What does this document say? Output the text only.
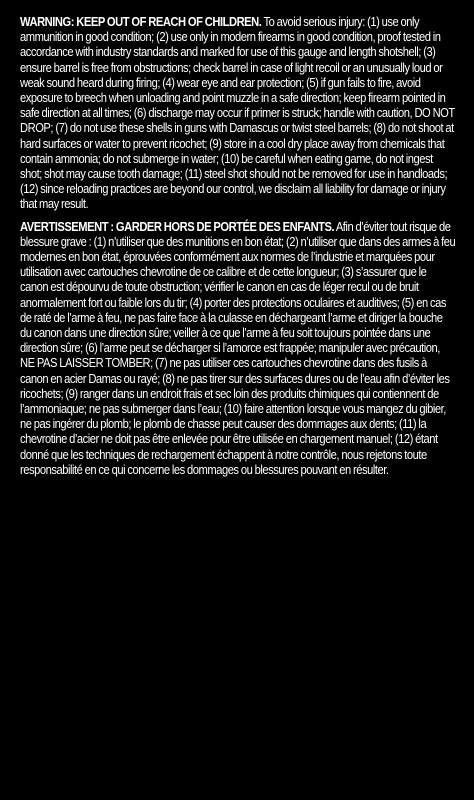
WARNING: KEEP OUT OF REACH OF CHILDREN. To avoid serious injury: (1) use only ammunition in good condition; (2) use only in modern firearms in good condition, proof tested in accordance with industry standards and marked for use of this gauge and length shotshell; (3) ensure barrel is free from obstructions; check barrel in case of light recoil or an unusually loud or weak sound heard during firing; (4) wear eye and ear protection; (5) if gun fails to fire, avoid exposure to breech when unloading and point muzzle in a safe direction; keep firearm pointed in safe direction at all times; (6) discharge may occur if primer is struck; handle with caution, DO NOT DROP; (7) do not use these shells in guns with Damascus or twist steel barrels; (8) do not shoot at hard surfaces or water to prevent ricochet; (9) store in a cool dry place away from chemicals that contain ammonia; do not submerge in water; (10) be careful when eating game, do not ingest shot; shot may cause tooth damage; (11) steel shot should not be removed for use in handloads; (12) since reloading practices are beyond our control, we disclaim all liability for damage or injury that may result.

AVERTISSEMENT : GARDER HORS DE PORTÉE DES ENFANTS. Afin d’éviter tout risque de blessure grave : (1) n’utiliser que des munitions en bon état; (2) n’utiliser que dans des armes à feu modernes en bon état, éprouvées conformément aux normes de l’industrie et marquées pour utilisation avec cartouches chevrotine de ce calibre et de cette longueur; (3) s’assurer que le canon est dépourvu de toute obstruction; vérifier le canon en cas de léger recul ou de bruit anormalement fort ou faible lors du tir; (4) porter des protections oculaires et auditives; (5) en cas de raté de l’arme à feu, ne pas faire face à la culasse en déchargeant l’arme et diriger la bouche du canon dans une direction sûre; veiller à ce que l’arme à feu soit toujours pointée dans une direction sûre; (6) l’arme peut se décharger si l’amorce est frappée; manipuler avec précaution, NE PAS LAISSER TOMBER; (7) ne pas utiliser ces cartouches chevrotine dans des fusils à canon en acier Damas ou rayé; (8) ne pas tirer sur des surfaces dures ou de l’eau afin d’éviter les ricochets; (9) ranger dans un endroit frais et sec loin des produits chimiques qui contiennent de l’ammoniaque; ne pas submerger dans l’eau; (10) faire attention lorsque vous mangez du gibier, ne pas ingérer du plomb; le plomb de chasse peut causer des dommages aux dents; (11) la chevrotine d’acier ne doit pas être enlevée pour être utilisée en chargement manuel; (12) étant donné que les techniques de rechargement échappent à notre contrôle, nous rejetons toute responsabilité en ce qui concerne les dommages ou blessures pouvant en résulter.
